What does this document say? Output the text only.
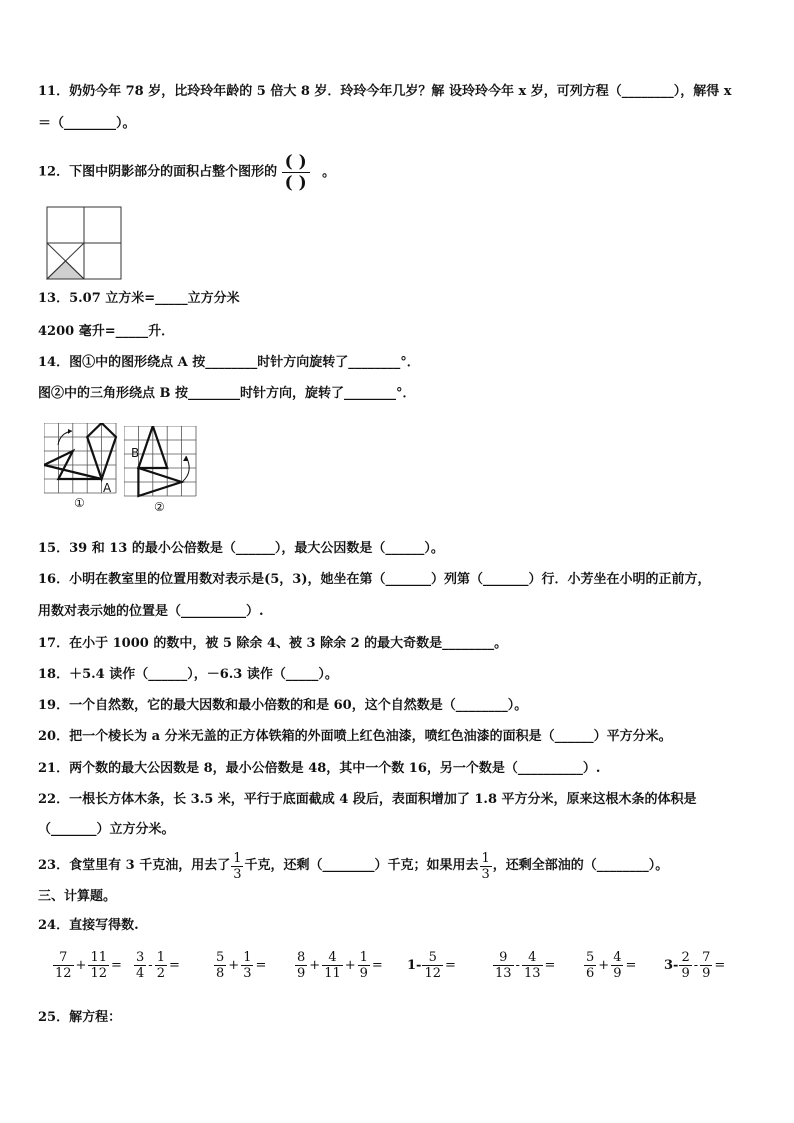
11．奶奶今年 78 岁，比玲玲年龄的 5 倍大 8 岁．玲玲今年几岁？解 设玲玲今年 x 岁，可列方程（________），解得 x
＝（________）。
12．下图中阴影部分的面积占整个图形的 ( )
( )
。
13．5.07 立方米=_____立方分米
4200 毫升=_____升．
14．图①中的图形绕点 A 按________时针方向旋转了________°．
图②中的三角形绕点 B 按________时针方向，旋转了________°．
A
①
B
②
15．39 和 13 的最小公倍数是（______），最大公因数是（______）。
16．小明在教室里的位置用数对表示是(5，3)，她坐在第（_______）列第（_______）行．小芳坐在小明的正前方，
用数对表示她的位置是（__________）.
17．在小于 1000 的数中，被 5 除余 4、被 3 除余 2 的最大奇数是________。
18．＋5.4 读作（______），－6.3 读作（_____）。
19．一个自然数，它的最大因数和最小倍数的和是 60，这个自然数是（________）。
20．把一个棱长为 a 分米无盖的正方体铁箱的外面喷上红色油漆，喷红色油漆的面积是（______）平方分米。
21．两个数的最大公因数是 8，最小公倍数是 48，其中一个数 16，另一个数是（__________）.
22．一根长方体木条，长 3.5 米，平行于底面截成 4 段后，表面积增加了 1.8 平方分米，原来这根木条的体积是
（_______）立方分米。
23．食堂里有 3 千克油，用去了 $\frac{1}{3}$ 千克，还剩（________）千克；如果用去 $\frac{1}{3}$ ，还剩全部油的（________）。
三、计算题。
24．直接写得数.
$\frac{7}{12} + \frac{11}{12} = \frac{3}{4} - \frac{1}{2}$ =	$\frac{5}{8} + \frac{1}{3} = \frac{8}{9} + \frac{4}{11} + \frac{1}{9} = 1- \frac{5}{12}$ =	$\frac{9}{13} - \frac{4}{13} = \frac{5}{6} + \frac{4}{9} = 3- \frac{2}{9} - \frac{7}{9}$ =
25．解方程：
